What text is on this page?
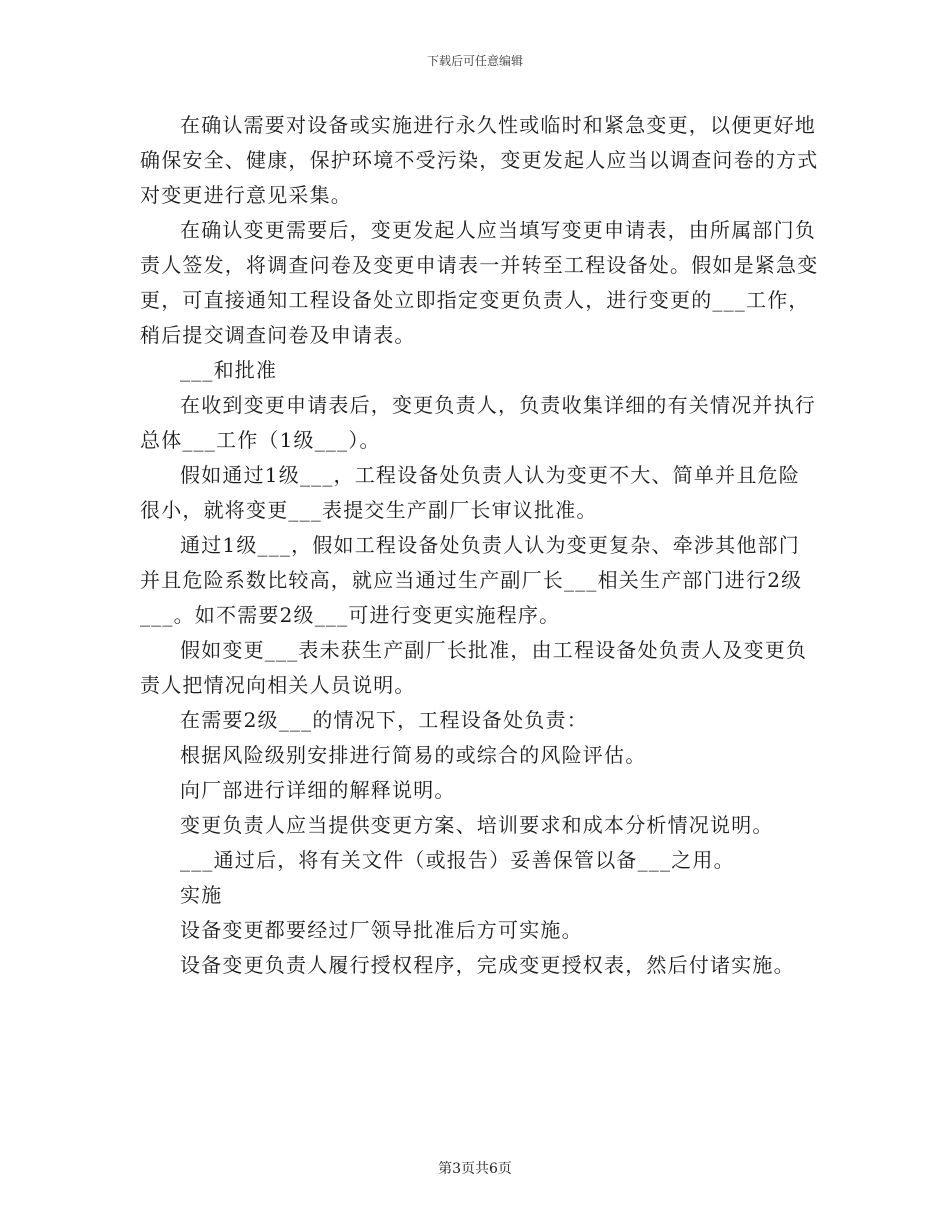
下载后可任意编辑

在确认需要对设备或实施进行永久性或临时和紧急变更，以便更好地确保安全、健康，保护环境不受污染，变更发起人应当以调查问卷的方式对变更进行意见采集。

在确认变更需要后，变更发起人应当填写变更申请表，由所属部门负责人签发，将调查问卷及变更申请表一并转至工程设备处。假如是紧急变更，可直接通知工程设备处立即指定变更负责人，进行变更的___工作，稍后提交调查问卷及申请表。

___和批准

在收到变更申请表后，变更负责人，负责收集详细的有关情况并执行总体___工作（1级___）。

假如通过1级___，工程设备处负责人认为变更不大、简单并且危险很小，就将变更___表提交生产副厂长审议批准。

通过1级___，假如工程设备处负责人认为变更复杂、牵涉其他部门并且危险系数比较高，就应当通过生产副厂长___相关生产部门进行2级___。如不需要2级___可进行变更实施程序。

假如变更___表未获生产副厂长批准，由工程设备处负责人及变更负责人把情况向相关人员说明。

在需要2级___的情况下，工程设备处负责：

根据风险级别安排进行简易的或综合的风险评估。

向厂部进行详细的解释说明。

变更负责人应当提供变更方案、培训要求和成本分析情况说明。

___通过后，将有关文件（或报告）妥善保管以备___之用。

实施

设备变更都要经过厂领导批准后方可实施。

设备变更负责人履行授权程序，完成变更授权表，然后付诸实施。

第3页共6页
